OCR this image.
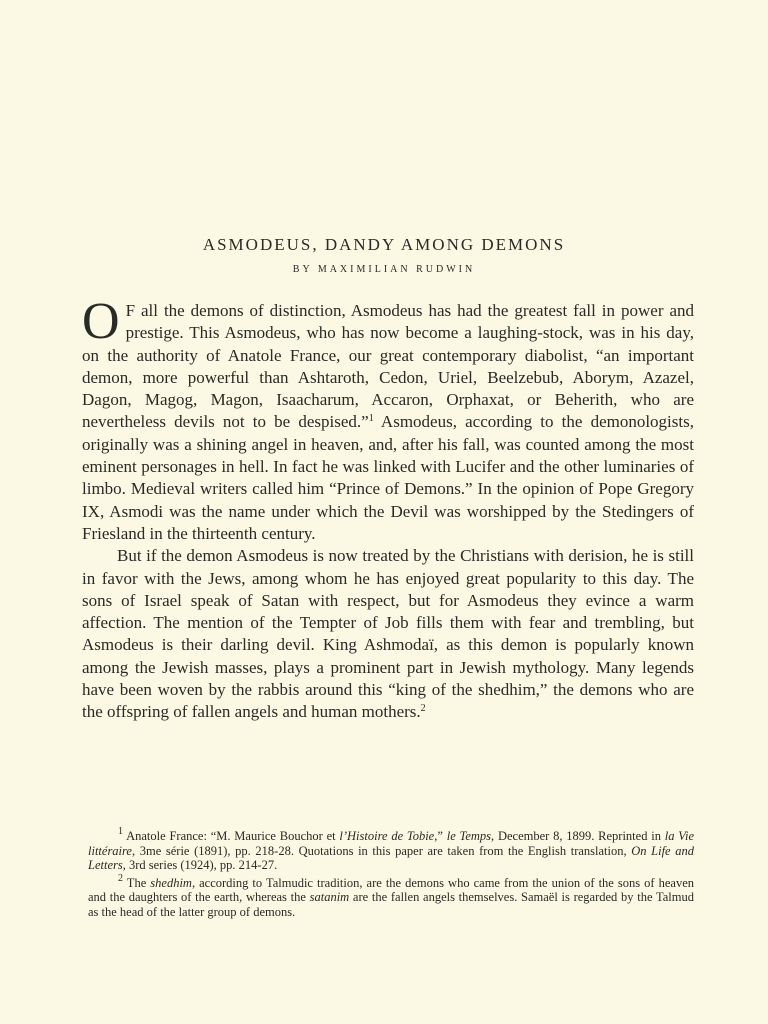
ASMODEUS, DANDY AMONG DEMONS
BY MAXIMILIAN RUDWIN

O F all the demons of distinction, Asmodeus has had the greatest fall in power and prestige. This Asmodeus, who has now become a laughing-stock, was in his day, on the authority of Anatole France, our great contemporary diabolist, “an important demon, more powerful than Ashtaroth, Cedon, Uriel, Beelzebub, Aborym, Azazel, Dagon, Magog, Magon, Isaacharum, Accaron, Orphaxat, or Beherith, who are nevertheless devils not to be despised.”$^1$ Asmodeus, according to the demonologists, originally was a shining angel in heaven, and, after his fall, was counted among the most eminent personages in hell. In fact he was linked with Lucifer and the other luminaries of limbo. Medieval writers called him “Prince of Demons.” In the opinion of Pope Gregory IX, Asmodi was the name under which the Devil was worshipped by the Stedingers of Friesland in the thirteenth century.

But if the demon Asmodeus is now treated by the Christians with derision, he is still in favor with the Jews, among whom he has enjoyed great popularity to this day. The sons of Israel speak of Satan with respect, but for Asmodeus they evince a warm affection. The mention of the Tempter of Job fills them with fear and trembling, but Asmodeus is their darling devil. King Ashmodaï, as this demon is popularly known among the Jewish masses, plays a prominent part in Jewish mythology. Many legends have been woven by the rabbis around this “king of the shedhim,” the demons who are the offspring of fallen angels and human mothers.$^2$

$^1$ Anatole France: “M. Maurice Bouchor et l’Histoire de Tobie,” le Temps, December 8, 1899. Reprinted in la Vie littéraire, 3me série (1891), pp. 218-28. Quotations in this paper are taken from the English translation, On Life and Letters, 3rd series (1924), pp. 214-27.

$^2$ The shedhim, according to Talmudic tradition, are the demons who came from the union of the sons of heaven and the daughters of the earth, whereas the satanim are the fallen angels themselves. Samaël is regarded by the Talmud as the head of the latter group of demons.
